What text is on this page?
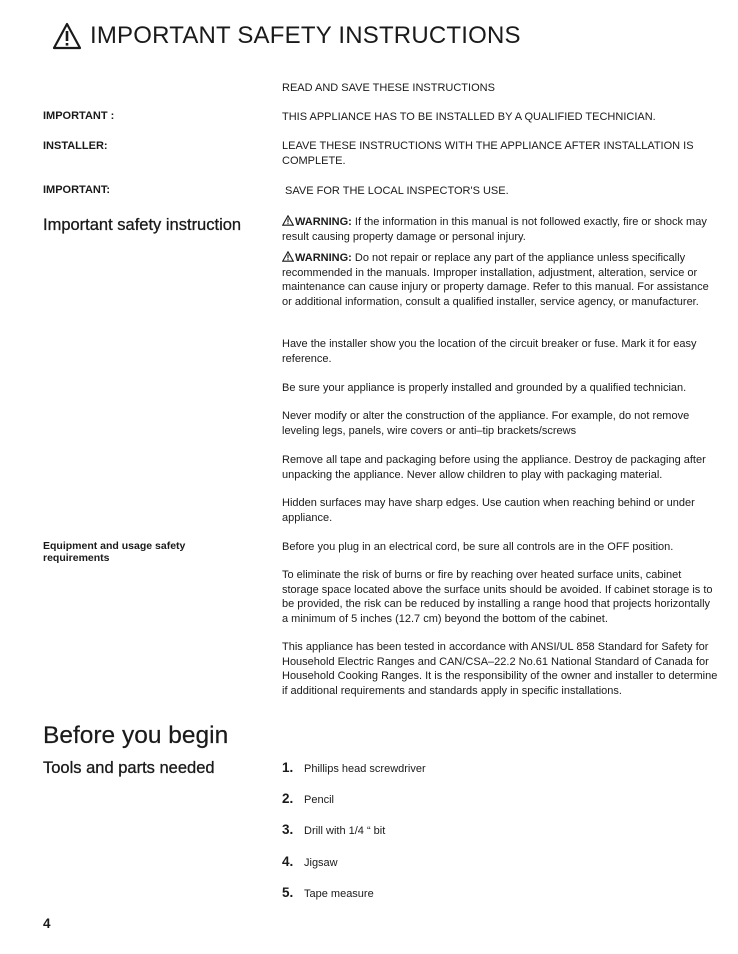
IMPORTANT SAFETY INSTRUCTIONS
READ AND SAVE THESE INSTRUCTIONS
IMPORTANT :	THIS APPLIANCE HAS TO BE INSTALLED BY A QUALIFIED TECHNICIAN.
INSTALLER:	LEAVE THESE INSTRUCTIONS WITH THE APPLIANCE AFTER INSTALLATION IS COMPLETE.
IMPORTANT:	SAVE FOR THE LOCAL INSPECTOR'S USE.
Important safety instruction	WARNING: If the information in this manual is not followed exactly, fire or shock may result causing property damage or personal injury.
WARNING: Do not repair or replace any part of the appliance unless specifically recommended in the manuals. Improper installation, adjustment, alteration, service or maintenance can cause injury or property damage. Refer to this manual. For assistance or additional information, consult a qualified installer, service agency, or manufacturer.
Have the installer show you the location of the circuit breaker or fuse. Mark it for easy reference.
Be sure your appliance is properly installed and grounded by a qualified technician.
Never modify or alter the construction of the appliance. For example, do not remove leveling legs, panels, wire covers or anti–tip brackets/screws
Remove all tape and packaging before using the appliance. Destroy de packaging after unpacking the appliance. Never allow children to play with packaging material.
Hidden surfaces may have sharp edges. Use caution when reaching behind or under appliance.
Equipment and usage safety requirements
Before you plug in an electrical cord, be sure all controls are in the OFF position.
To eliminate the risk of burns or fire by reaching over heated surface units, cabinet storage space located above the surface units should be avoided. If cabinet storage is to be provided, the risk can be reduced by installing a range hood that projects horizontally a minimum of 5 inches (12.7 cm) beyond the bottom of the cabinet.
This appliance has been tested in accordance with ANSI/UL 858 Standard for Safety for Household Electric Ranges and CAN/CSA–22.2 No.61 National Standard of Canada for Household Cooking Ranges. It is the responsibility of the owner and installer to determine if additional requirements and standards apply in specific installations.
Before you begin
Tools and parts needed	1. Phillips head screwdriver
2. Pencil
3. Drill with 1/4 “ bit
4. Jigsaw
5. Tape measure
4
